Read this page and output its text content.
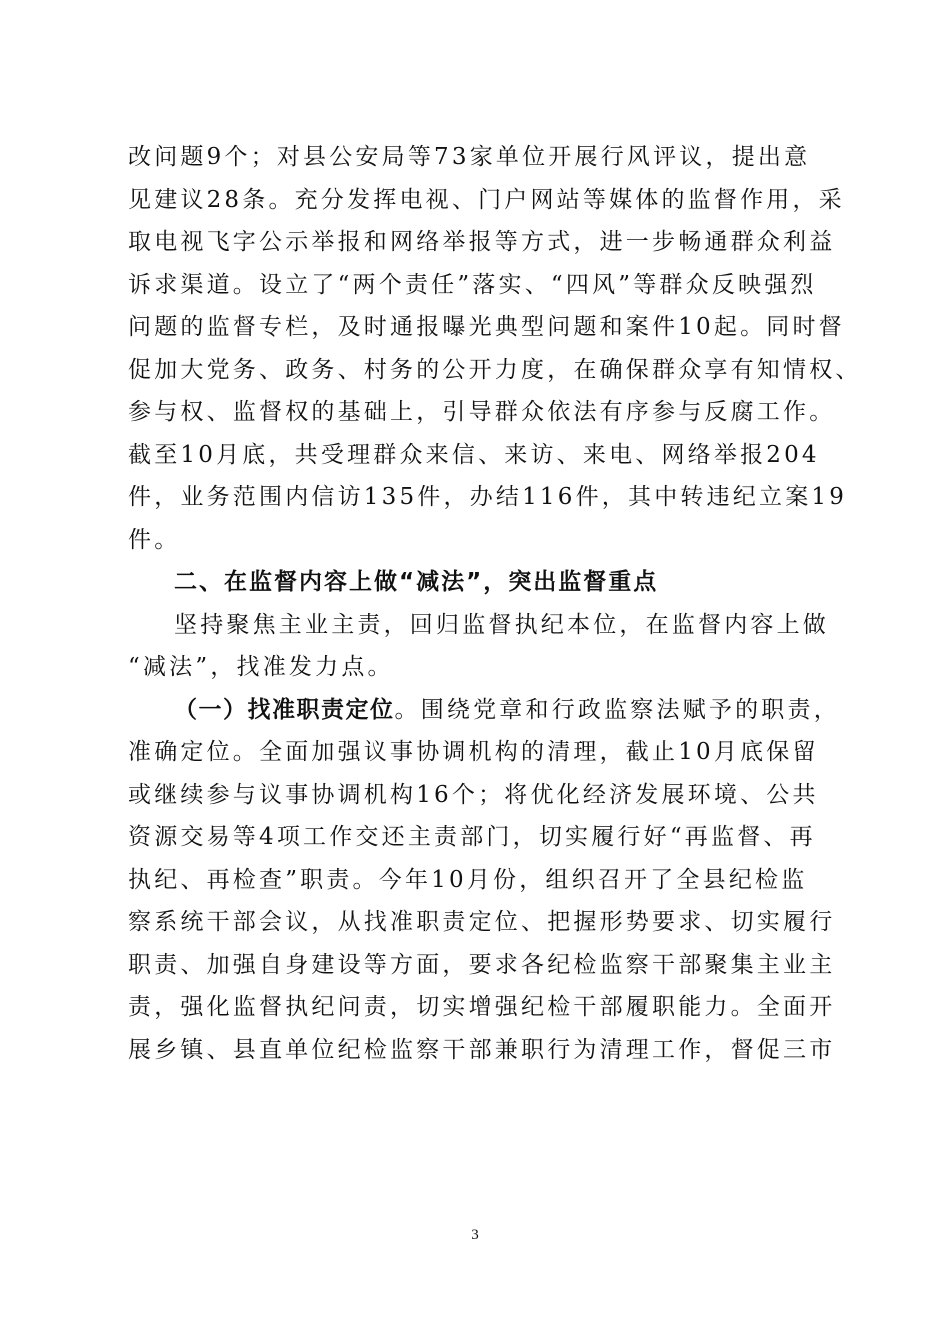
改问题9个；对县公安局等73家单位开展行风评议，提出意
见建议28条。充分发挥电视、门户网站等媒体的监督作用，采
取电视飞字公示举报和网络举报等方式，进一步畅通群众利益
诉求渠道。设立了“两个责任”落实、“四风”等群众反映强烈
问题的监督专栏，及时通报曝光典型问题和案件10起。同时督
促加大党务、政务、村务的公开力度，在确保群众享有知情权、
参与权、监督权的基础上，引导群众依法有序参与反腐工作。
截至10月底，共受理群众来信、来访、来电、网络举报204
件，业务范围内信访135件，办结116件，其中转违纪立案19
件。
二、在监督内容上做“减法”，突出监督重点
坚持聚焦主业主责，回归监督执纪本位，在监督内容上做
“减法”，找准发力点。
（一）找准职责定位。围绕党章和行政监察法赋予的职责，
准确定位。全面加强议事协调机构的清理，截止10月底保留
或继续参与议事协调机构16个；将优化经济发展环境、公共
资源交易等4项工作交还主责部门，切实履行好“再监督、再
执纪、再检查”职责。今年10月份，组织召开了全县纪检监
察系统干部会议，从找准职责定位、把握形势要求、切实履行
职责、加强自身建设等方面，要求各纪检监察干部聚集主业主
责，强化监督执纪问责，切实增强纪检干部履职能力。全面开
展乡镇、县直单位纪检监察干部兼职行为清理工作，督促三市
3
